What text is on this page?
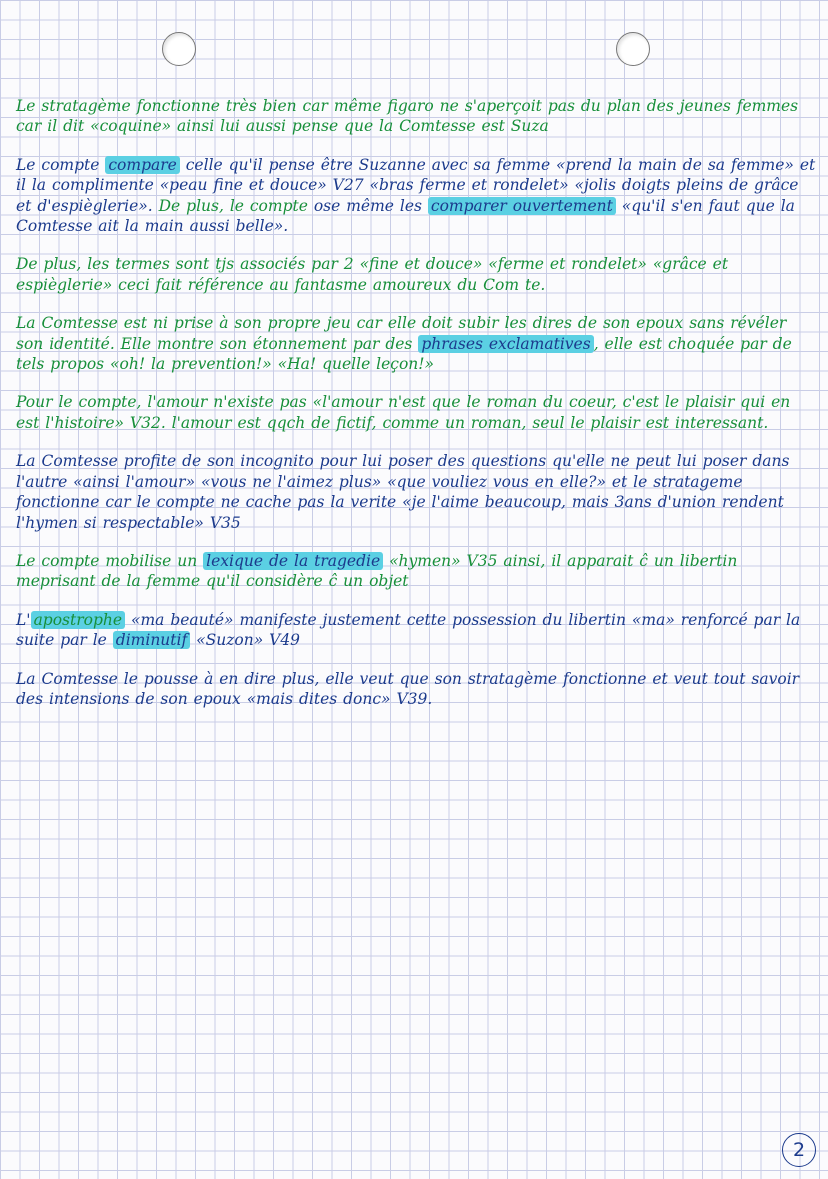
Le stratagème fonctionne très bien car même figaro ne s'aperçoit pas du plan des jeunes femmes car il dit «coquine» ainsi lui aussi pense que la Comtesse est Suza

Le compte compare celle qu'il pense être Suzanne avec sa femme «prend la main de sa femme» et il la complimente «peau fine et douce» V27 «bras ferme et rondelet» «jolis doigts pleins de grâce et d'espièglerie». De plus, le compte ose même les comparer ouvertement «qu'il s'en faut que la Comtesse ait la main aussi belle».

De plus, les termes sont tjs associés par 2 «fine et douce» «ferme et rondelet» «grâce et espièglerie» ceci fait référence au fantasme amoureux du Com te.

La Comtesse est ni prise à son propre jeu car elle doit subir les dires de son epoux sans révéler son identité. Elle montre son étonnement par des phrases exclamatives , elle est choquée par de tels propos «oh! la prevention!» «Ha! quelle leçon!»

Pour le compte, l'amour n'existe pas «l'amour n'est que le roman du coeur, c'est le plaisir qui en est l'histoire» V32. l'amour est qqch de fictif, comme un roman, seul le plaisir est interessant.

La Comtesse profite de son incognito pour lui poser des questions qu'elle ne peut lui poser dans l'autre «ainsi l'amour» «vous ne l'aimez plus» «que vouliez vous en elle?» et le stratageme fonctionne car le compte ne cache pas la verite «je l'aime beaucoup, mais 3ans d'union rendent l'hymen si respectable» V35

Le compte mobilise un lexique de la tragedie «hymen» V35 ainsi, il apparait ĉ un libertin meprisant de la femme qu'il considère ĉ un objet

L' apostrophe «ma beauté» manifeste justement cette possession du libertin «ma» renforcé par la suite par le diminutif «Suzon» V49

La Comtesse le pousse à en dire plus, elle veut que son stratagème fonctionne et veut tout savoir des intensions de son epoux «mais dites donc» V39.

2
